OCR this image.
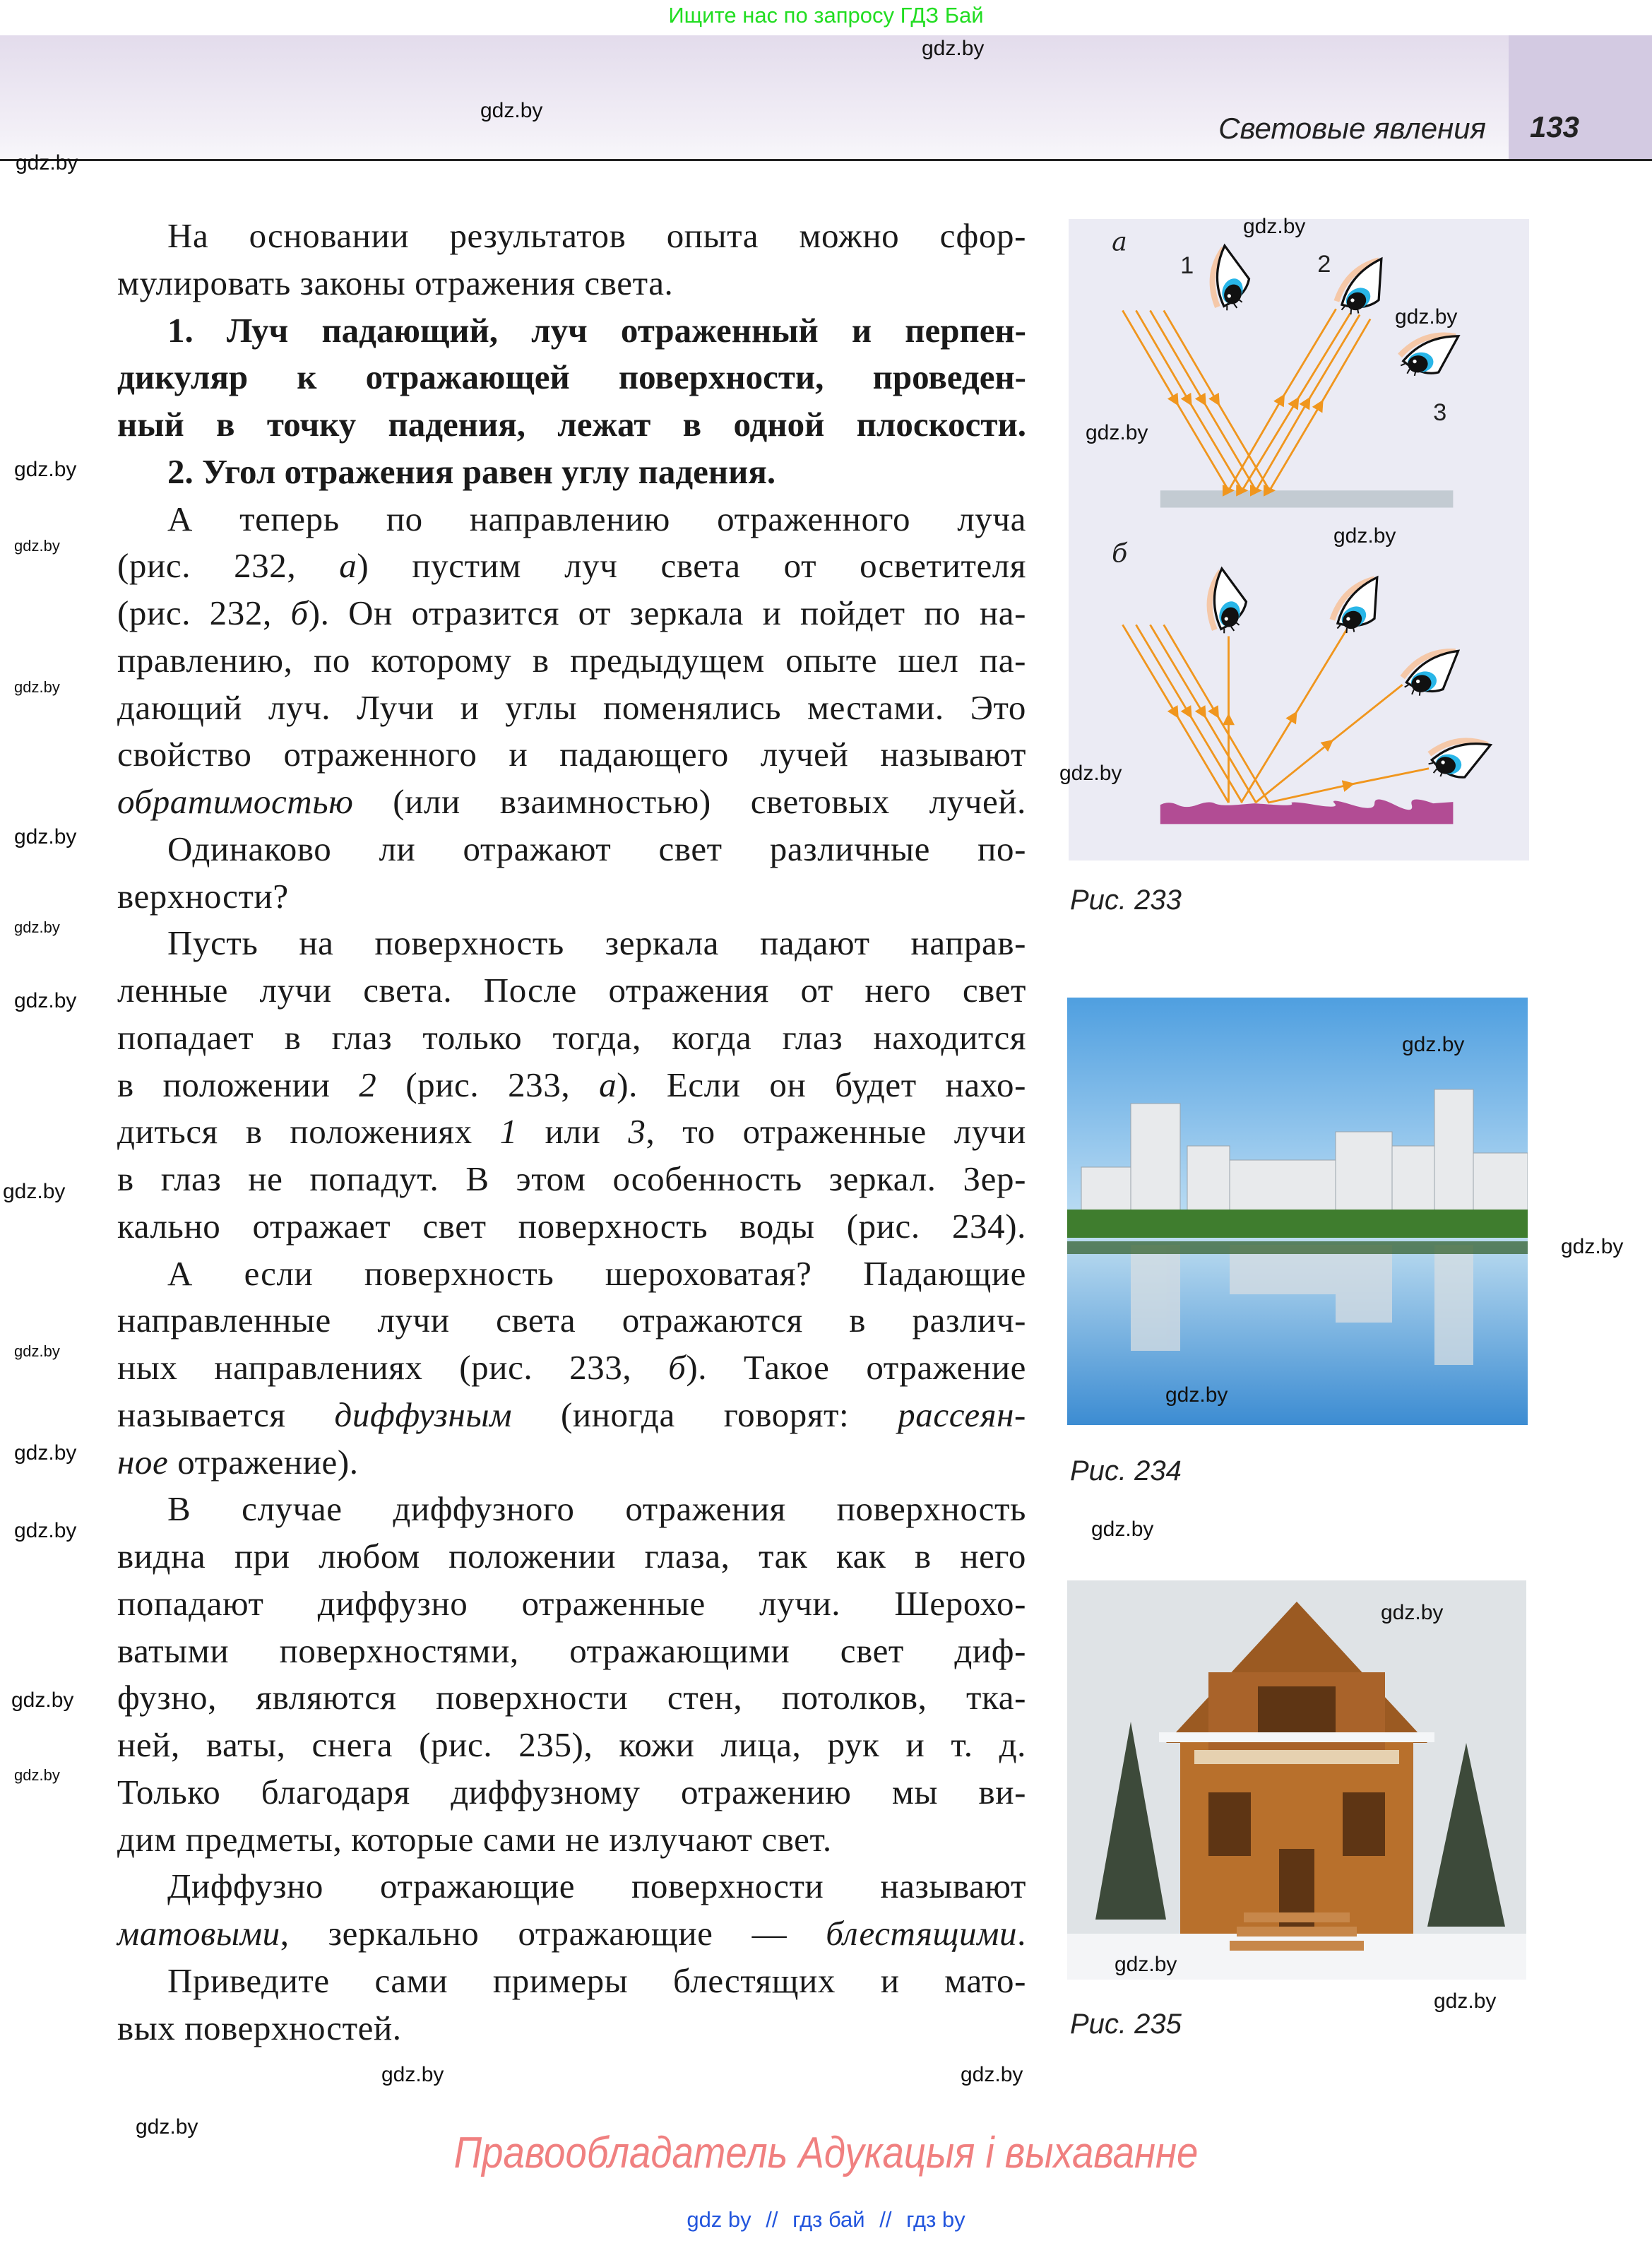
Ищите нас по запросу ГДЗ Бай
Световые явления	133
На основании результатов опыта можно сфор-
мулировать законы отражения света.
1. Луч падающий, луч отраженный и перпен-
дикуляр к отражающей поверхности, проведен-
ный в точку падения, лежат в одной плоскости.
2. Угол отражения равен углу падения.
А теперь по направлению отраженного луча
(рис. 232, а) пустим луч света от осветителя
(рис. 232, б). Он отразится от зеркала и пойдет по на-
правлению, по которому в предыдущем опыте шел па-
дающий луч. Лучи и углы поменялись местами. Это
свойство отраженного и падающего лучей называют
обратимостью (или взаимностью) световых лучей.
Одинаково ли отражают свет различные по-
верхности?
Пусть на поверхность зеркала падают направ-
ленные лучи света. После отражения от него свет
попадает в глаз только тогда, когда глаз находится
в положении 2 (рис. 233, а). Если он будет нахо-
диться в положениях 1 или 3, то отраженные лучи
в глаз не попадут. В этом особенность зеркал. Зер-
кально отражает свет поверхность воды (рис. 234).
А если поверхность шероховатая? Падающие
направленные лучи света отражаются в различ-
ных направлениях (рис. 233, б). Такое отражение
называется диффузным (иногда говорят: рассеян-
ное отражение).
В случае диффузного отражения поверхность
видна при любом положении глаза, так как в него
попадают диффузно отраженные лучи. Шерохо-
ватыми поверхностями, отражающими свет диф-
фузно, являются поверхности стен, потолков, тка-
ней, ваты, снега (рис. 235), кожи лица, рук и т. д.
Только благодаря диффузному отражению мы ви-
дим предметы, которые сами не излучают свет.
Диффузно отражающие поверхности называют
матовыми, зеркально отражающие — блестящими.
Приведите сами примеры блестящих и мато-
вых поверхностей.
а
1	2
3
б
Рис. 233
Рис. 234
Рис. 235
gdz.by
gdz.by
gdz.by
gdz.by
gdz.by
gdz.by
gdz.by
gdz.by	gdz.by
gdz.by
gdz.by
gdz.by
gdz.by
gdz.by
gdz.by
gdz.by
gdz.by
gdz.by
gdz.by
gdz.by
gdz.by	gdz.by
gdz.by
gdz.by
gdz.by
gdz.by
gdz.by
gdz.by
gdz.by
gdz.by
Правообладатель Адукацыя і выхаванне
gdz by // гдз бай // гдз by
